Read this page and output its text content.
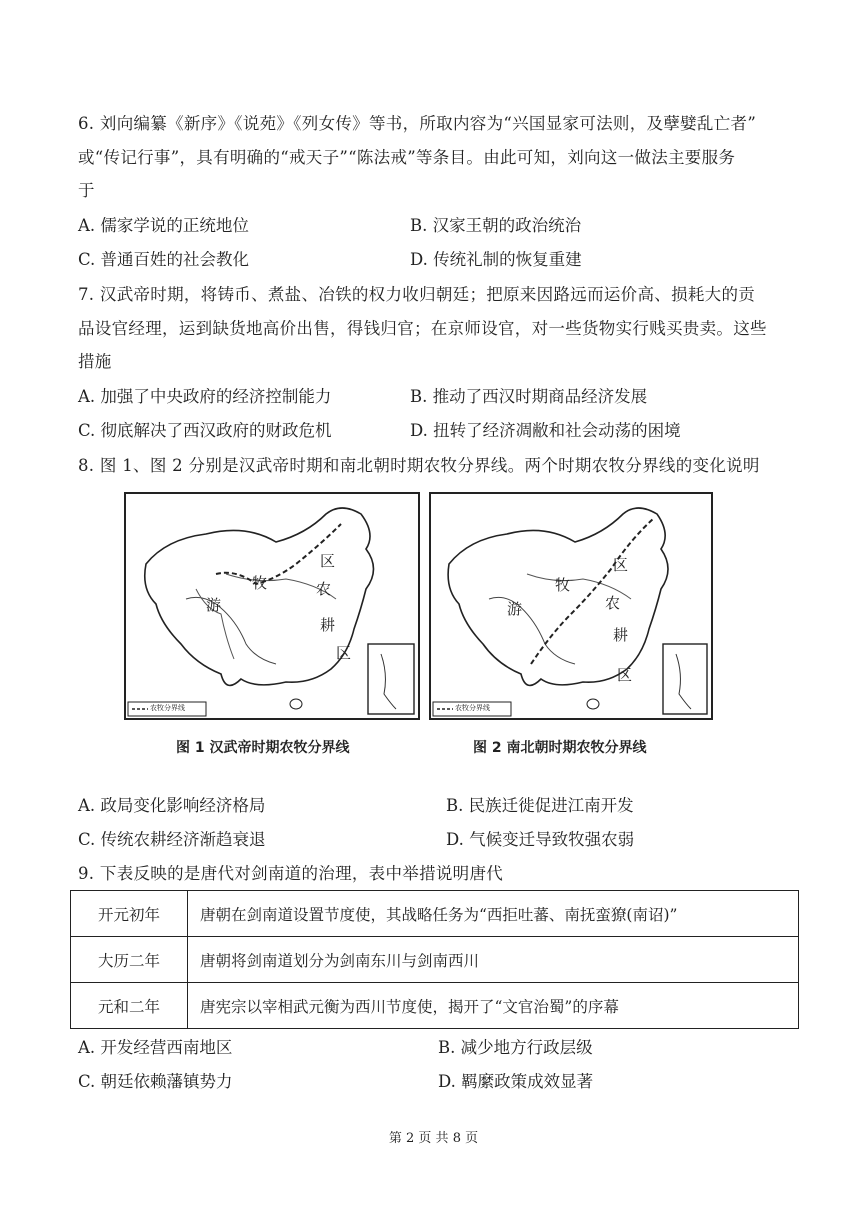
6. 刘向编纂《新序》《说苑》《列女传》等书，所取内容为“兴国显家可法则，及孽嬖乱亡者”
或“传记行事”，具有明确的“戒天子”“陈法戒”等条目。由此可知，刘向这一做法主要服务
于
A. 儒家学说的正统地位	B. 汉家王朝的政治统治
C. 普通百姓的社会教化	D. 传统礼制的恢复重建
7. 汉武帝时期，将铸币、煮盐、冶铁的权力收归朝廷；把原来因路远而运价高、损耗大的贡
品设官经理，运到缺货地高价出售，得钱归官；在京师设官，对一些货物实行贱买贵卖。这些
措施
A. 加强了中央政府的经济控制能力	B. 推动了西汉时期商品经济发展
C. 彻底解决了西汉政府的财政危机	D. 扭转了经济凋敝和社会动荡的困境
8. 图 1、图 2 分别是汉武帝时期和南北朝时期农牧分界线。两个时期农牧分界线的变化说明
区
牧	农
游
耕
区
农牧分界线
图 1 汉武帝时期农牧分界线
区
牧
农
游
耕
区
农牧分界线
图 2 南北朝时期农牧分界线
A. 政局变化影响经济格局	B. 民族迁徙促进江南开发
C. 传统农耕经济渐趋衰退	D. 气候变迁导致牧强农弱
9. 下表反映的是唐代对剑南道的治理，表中举措说明唐代
开元初年	唐朝在剑南道设置节度使，其战略任务为“西拒吐蕃、南抚蛮獠(南诏)”
大历二年	唐朝将剑南道划分为剑南东川与剑南西川
元和二年	唐宪宗以宰相武元衡为西川节度使，揭开了“文官治蜀”的序幕
A. 开发经营西南地区	B. 减少地方行政层级
C. 朝廷依赖藩镇势力	D. 羁縻政策成效显著
第 2 页 共 8 页
